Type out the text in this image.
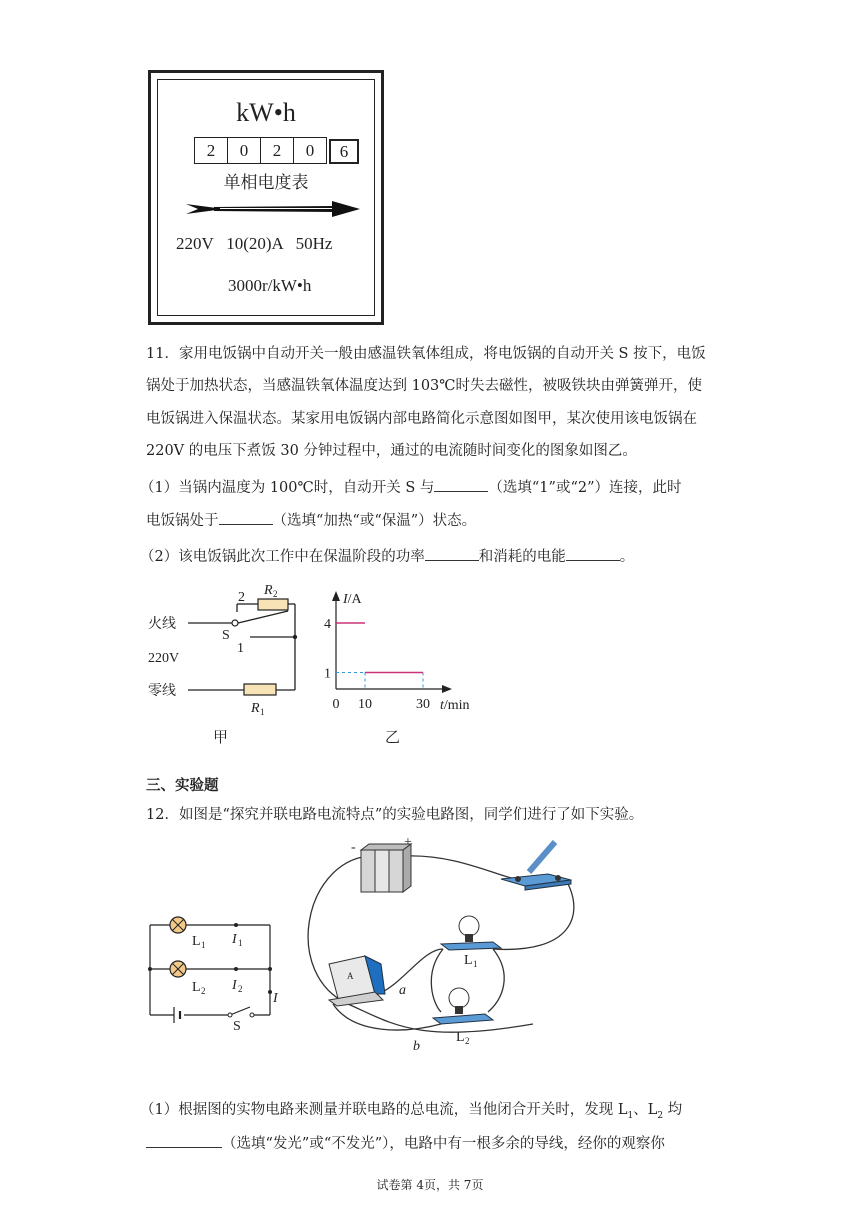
kW•h
2	0	2	0	6
单相电度表
220V   10(20)A   50Hz
3000r/kW•h
11．家用电饭锅中自动开关一般由感温铁氧体组成，将电饭锅的自动开关 S 按下，电饭
锅处于加热状态，当感温铁氧体温度达到 103℃时失去磁性，被吸铁块由弹簧弹开，使
电饭锅进入保温状态。某家用电饭锅内部电路简化示意图如图甲，某次使用该电饭锅在
220V 的电压下煮饭 30 分钟过程中，通过的电流随时间变化的图象如图乙。
（1）当锅内温度为 100℃时，自动开关 S 与	（选填“1”或“2”）连接，此时
电饭锅处于	（选填“加热“或“保温”）状态。
（2）该电饭锅此次工作中在保温阶段的功率	和消耗的电能	。
火线
220V
零线
S
2
1
R 2
R 1
甲
0 10	30
4
1
I/A
t/min
乙
三、实验题
12．如图是“探究并联电路电流特点”的实验电路图，同学们进行了如下实验。
L 1
L 2
I 1
I 2
I
S
-	+
A
a
b
L 1
L 2
（1）根据图的实物电路来测量并联电路的总电流，当他闭合开关时，发现 $L_1$、$L_2$ 均
（选填“发光”或“不发光”），电路中有一根多余的导线，经你的观察你
试卷第 4页，共 7页
